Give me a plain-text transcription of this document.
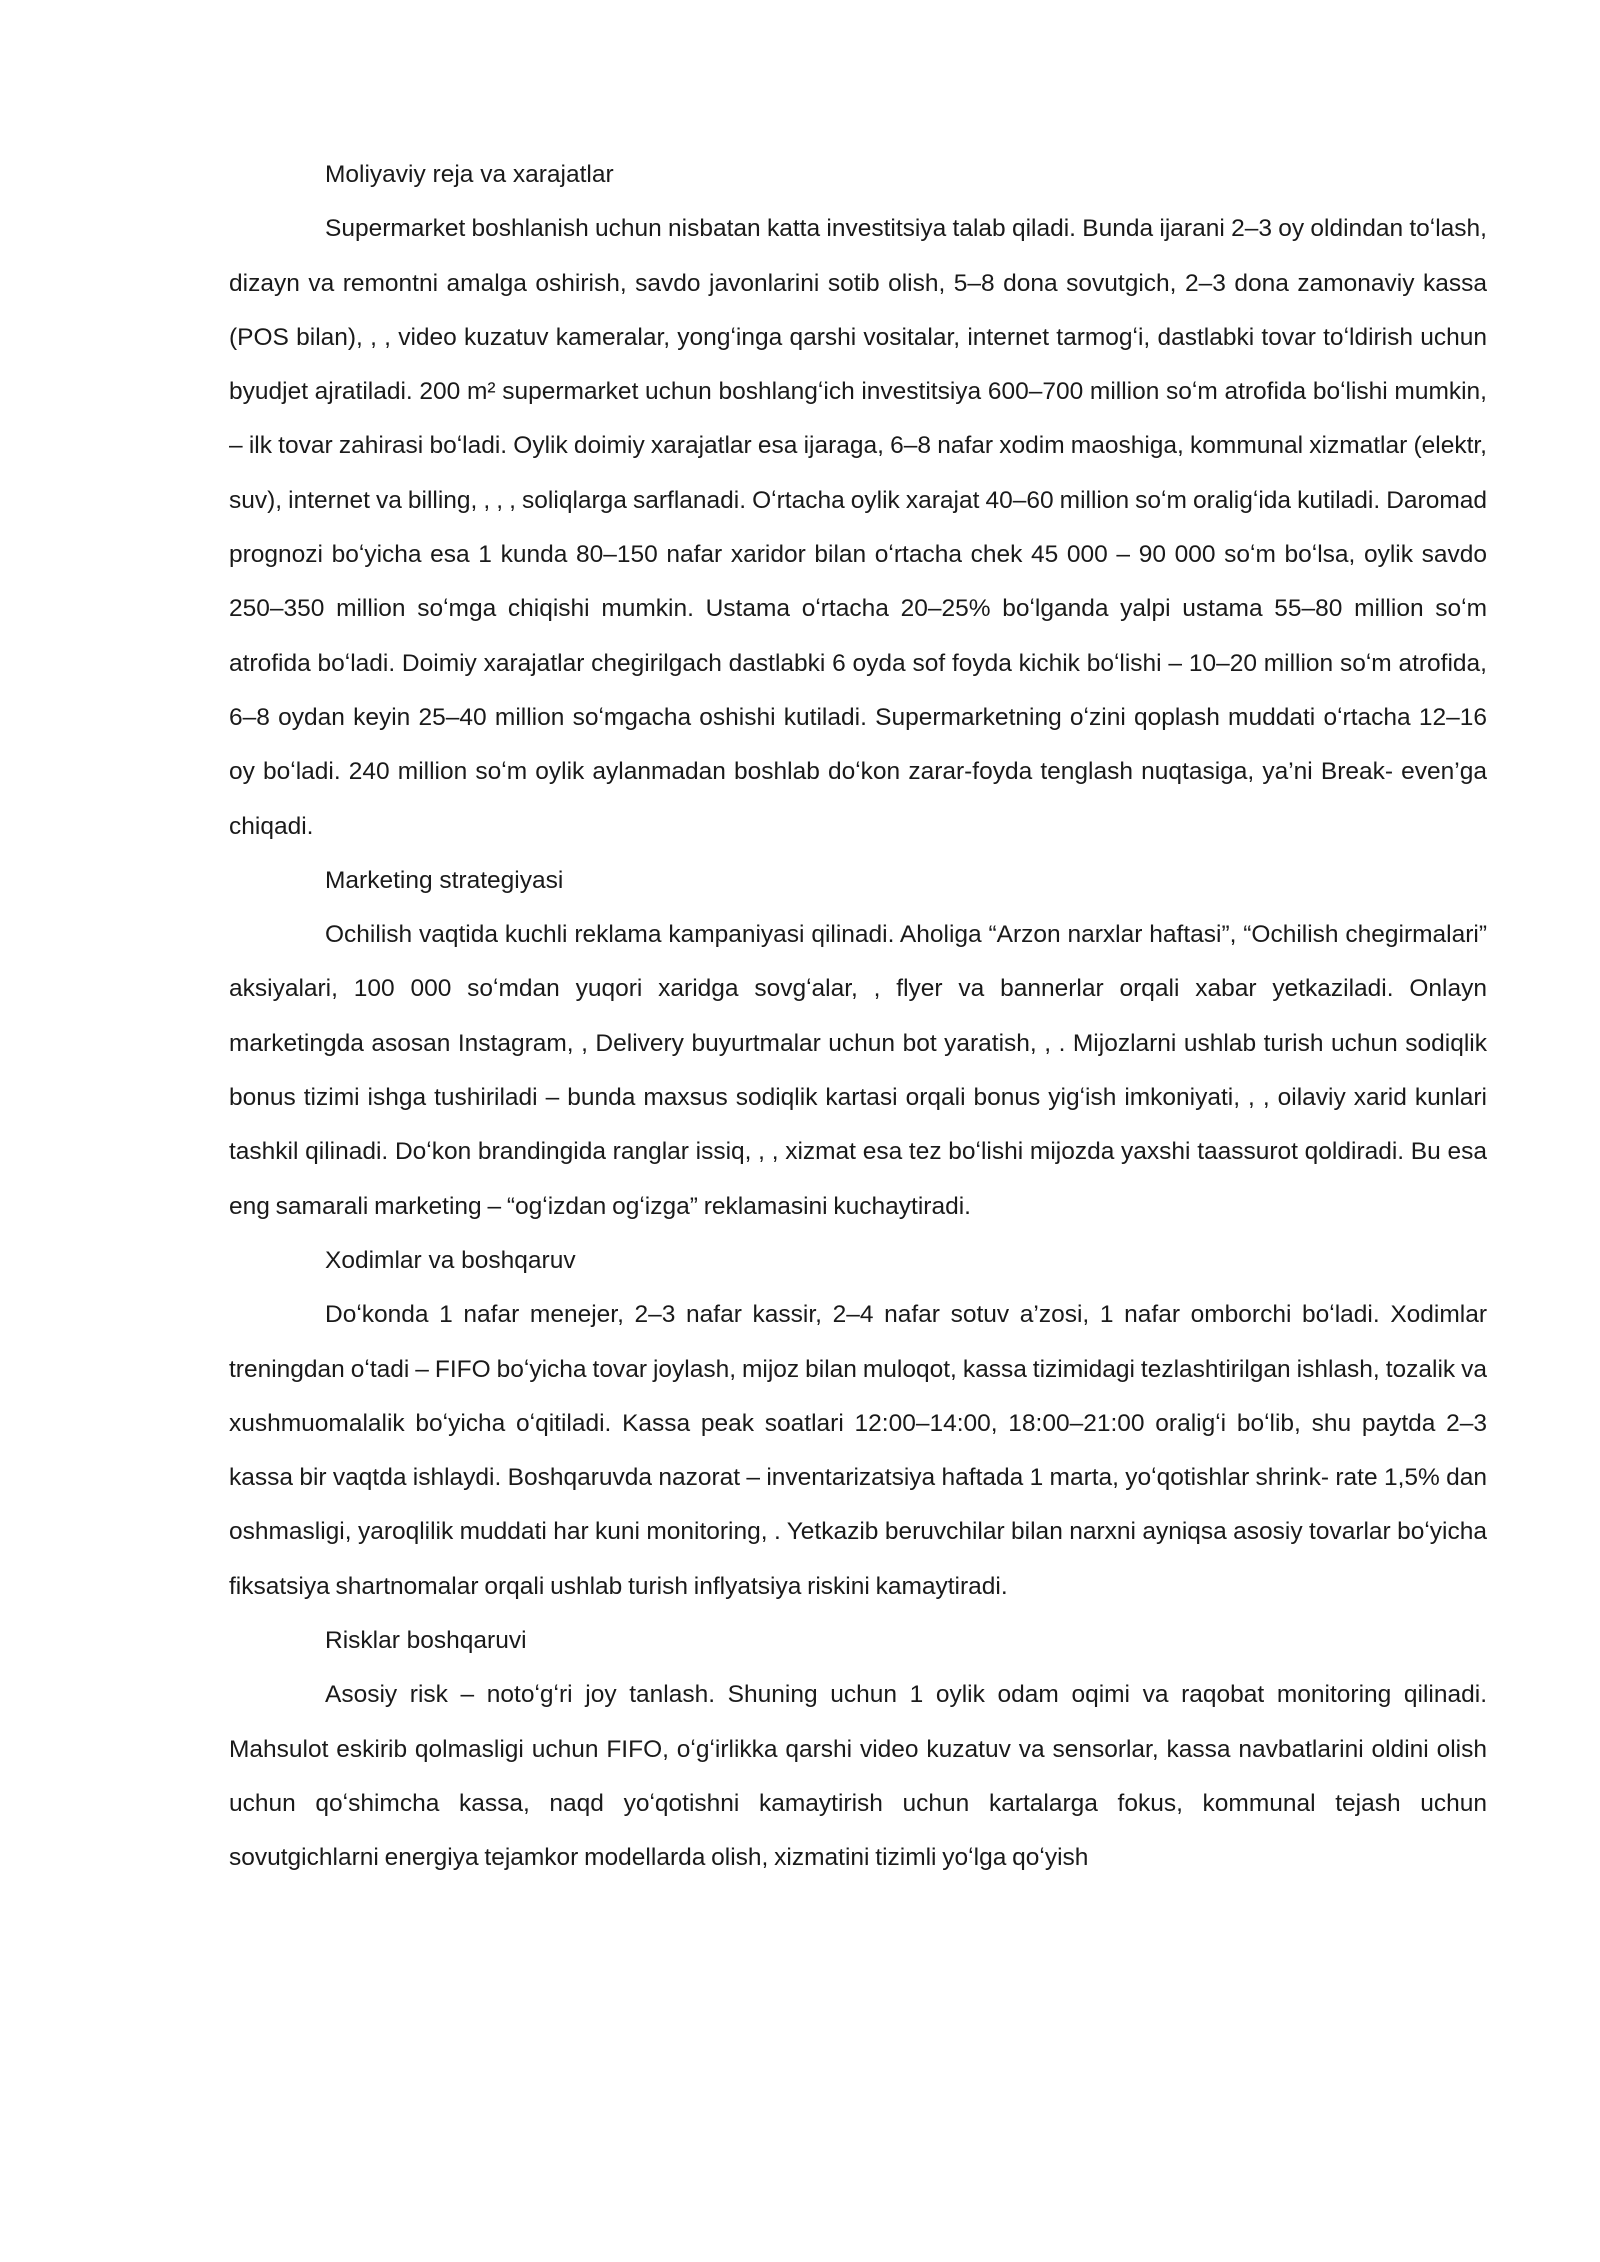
Moliyaviy reja va xarajatlar

Supermarket boshlanish uchun nisbatan katta investitsiya talab qiladi. Bunda ijarani 2–3 oy oldindan toʻlash, dizayn va remontni amalga oshirish, savdo javonlarini sotib olish, 5–8 dona sovutgich, 2–3 dona zamonaviy kassa (POS bilan), , , video kuzatuv kameralar, yongʻinga qarshi vositalar, internet tarmogʻi, dastlabki tovar toʻldirish uchun byudjet ajratiladi. 200 m² supermarket uchun boshlangʻich investitsiya 600–700 million soʻm atrofida boʻlishi mumkin, – ilk tovar zahirasi boʻladi. Oylik doimiy xarajatlar esa ijaraga, 6–8 nafar xodim maoshiga, kommunal xizmatlar (elektr, suv), internet va billing, , , , soliqlarga sarflanadi. Oʻrtacha oylik xarajat 40–60 million soʻm oraligʻida kutiladi. Daromad prognozi boʻyicha esa 1 kunda 80–150 nafar xaridor bilan oʻrtacha chek 45 000 – 90 000 soʻm boʻlsa, oylik savdo 250–350 million soʻmga chiqishi mumkin. Ustama oʻrtacha 20–25% boʻlganda yalpi ustama 55–80 million soʻm atrofida boʻladi. Doimiy xarajatlar chegirilgach dastlabki 6 oyda sof foyda kichik boʻlishi – 10–20 million soʻm atrofida, 6–8 oydan keyin 25–40 million soʻmgacha oshishi kutiladi. Supermarketning oʻzini qoplash muddati oʻrtacha 12–16 oy boʻladi. 240 million soʻm oylik aylanmadan boshlab doʻkon zarar-foyda tenglash nuqtasiga, ya’ni Break- even’ga chiqadi.

Marketing strategiyasi

Ochilish vaqtida kuchli reklama kampaniyasi qilinadi. Aholiga “Arzon narxlar haftasi”, “Ochilish chegirmalari” aksiyalari, 100 000 soʻmdan yuqori xaridga sovgʻalar, , flyer va bannerlar orqali xabar yetkaziladi. Onlayn marketingda asosan Instagram, , Delivery buyurtmalar uchun bot yaratish, , . Mijozlarni ushlab turish uchun sodiqlik bonus tizimi ishga tushiriladi – bunda maxsus sodiqlik kartasi orqali bonus yigʻish imkoniyati, , , oilaviy xarid kunlari tashkil qilinadi. Doʻkon brandingida ranglar issiq, , , xizmat esa tez boʻlishi mijozda yaxshi taassurot qoldiradi. Bu esa eng samarali marketing – “ogʻizdan ogʻizga” reklamasini kuchaytiradi.

Xodimlar va boshqaruv

Doʻkonda 1 nafar menejer, 2–3 nafar kassir, 2–4 nafar sotuv a’zosi, 1 nafar omborchi boʻladi. Xodimlar treningdan oʻtadi – FIFO boʻyicha tovar joylash, mijoz bilan muloqot, kassa tizimidagi tezlashtirilgan ishlash, tozalik va xushmuomalalik boʻyicha oʻqitiladi. Kassa peak soatlari 12:00–14:00, 18:00–21:00 oraligʻi boʻlib, shu paytda 2–3 kassa bir vaqtda ishlaydi. Boshqaruvda nazorat – inventarizatsiya haftada 1 marta, yoʻqotishlar shrink- rate 1,5% dan oshmasligi, yaroqlilik muddati har kuni monitoring, . Yetkazib beruvchilar bilan narxni ayniqsa asosiy tovarlar boʻyicha fiksatsiya shartnomalar orqali ushlab turish inflyatsiya riskini kamaytiradi.

Risklar boshqaruvi

Asosiy risk – notoʻgʻri joy tanlash. Shuning uchun 1 oylik odam oqimi va raqobat monitoring qilinadi. Mahsulot eskirib qolmasligi uchun FIFO, oʻgʻirlikka qarshi video kuzatuv va sensorlar, kassa navbatlarini oldini olish uchun qoʻshimcha kassa, naqd yoʻqotishni kamaytirish uchun kartalarga fokus, kommunal tejash uchun sovutgichlarni energiya tejamkor modellarda olish, xizmatini tizimli yoʻlga qoʻyish
